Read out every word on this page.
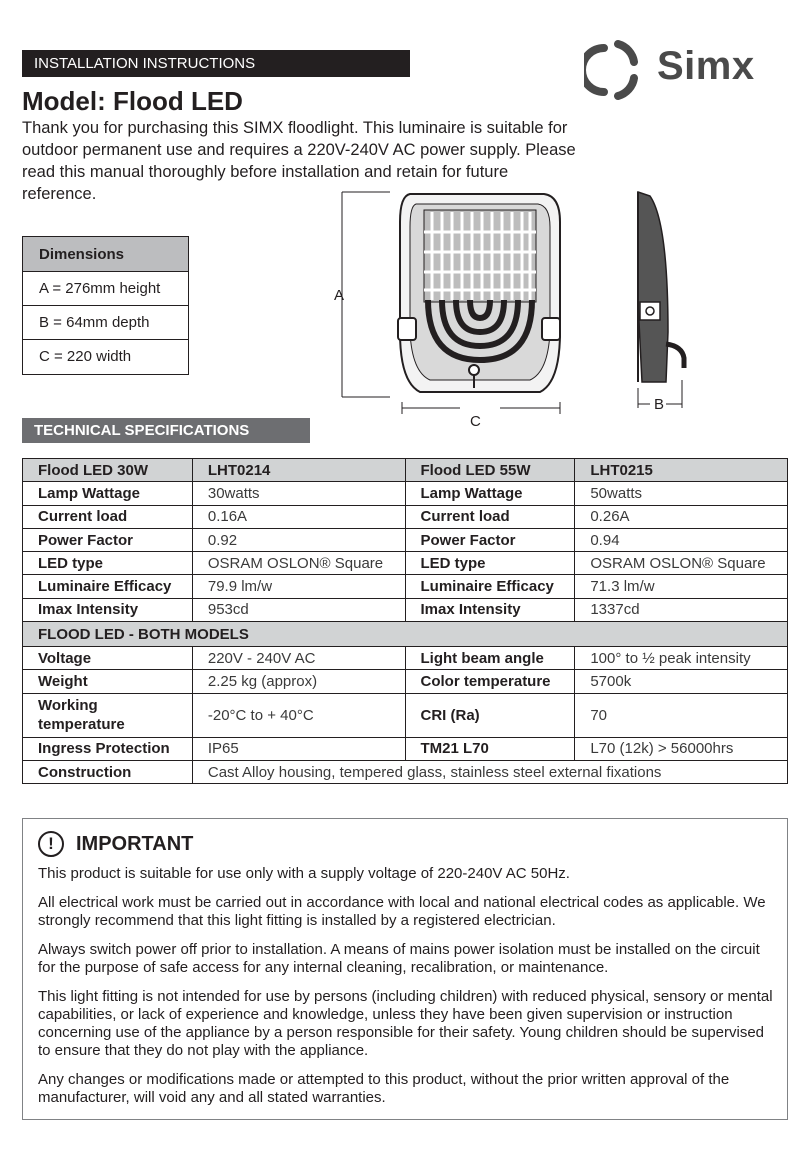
INSTALLATION INSTRUCTIONS	Simx
Model: Flood LED
Thank you for purchasing this SIMX floodlight. This luminaire is suitable for outdoor permanent use and requires a 220V-240V AC power supply. Please read this manual thoroughly before installation and retain for future reference.
Dimensions
A = 276mm height
B = 64mm depth
C = 220 width
A
C
B
TECHNICAL SPECIFICATIONS
Flood LED 30W	LHT0214	Flood LED 55W	LHT0215
Lamp Wattage	30watts	Lamp Wattage	50watts
Current load	0.16A	Current load	0.26A
Power Factor	0.92	Power Factor	0.94
LED type	OSRAM OSLON® Square	LED type	OSRAM OSLON® Square
Luminaire Efficacy	79.9 lm/w	Luminaire Efficacy	71.3 lm/w
Imax Intensity	953cd	Imax Intensity	1337cd
FLOOD LED - BOTH MODELS			
Voltage	220V - 240V AC	Light beam angle	100° to ½ peak intensity
Weight	2.25 kg (approx)	Color temperature	5700k
Working temperature	-20°C to + 40°C	CRI (Ra)	70
Ingress Protection	IP65	TM21 L70	L70 (12k) > 56000hrs
Construction	Cast Alloy housing, tempered glass, stainless steel external fixations		
!	IMPORTANT

This product is suitable for use only with a supply voltage of 220-240V AC 50Hz.

All electrical work must be carried out in accordance with local and national electrical codes as applicable. We strongly recommend that this light fitting is installed by a registered electrician.

Always switch power off prior to installation. A means of mains power isolation must be installed on the circuit for the purpose of safe access for any internal cleaning, recalibration, or maintenance.

This light fitting is not intended for use by persons (including children) with reduced physical, sensory or mental capabilities, or lack of experience and knowledge, unless they have been given supervision or instruction concerning use of the appliance by a person responsible for their safety. Young children should be supervised to ensure that they do not play with the appliance.

Any changes or modifications made or attempted to this product, without the prior written approval of the manufacturer, will void any and all stated warranties.
